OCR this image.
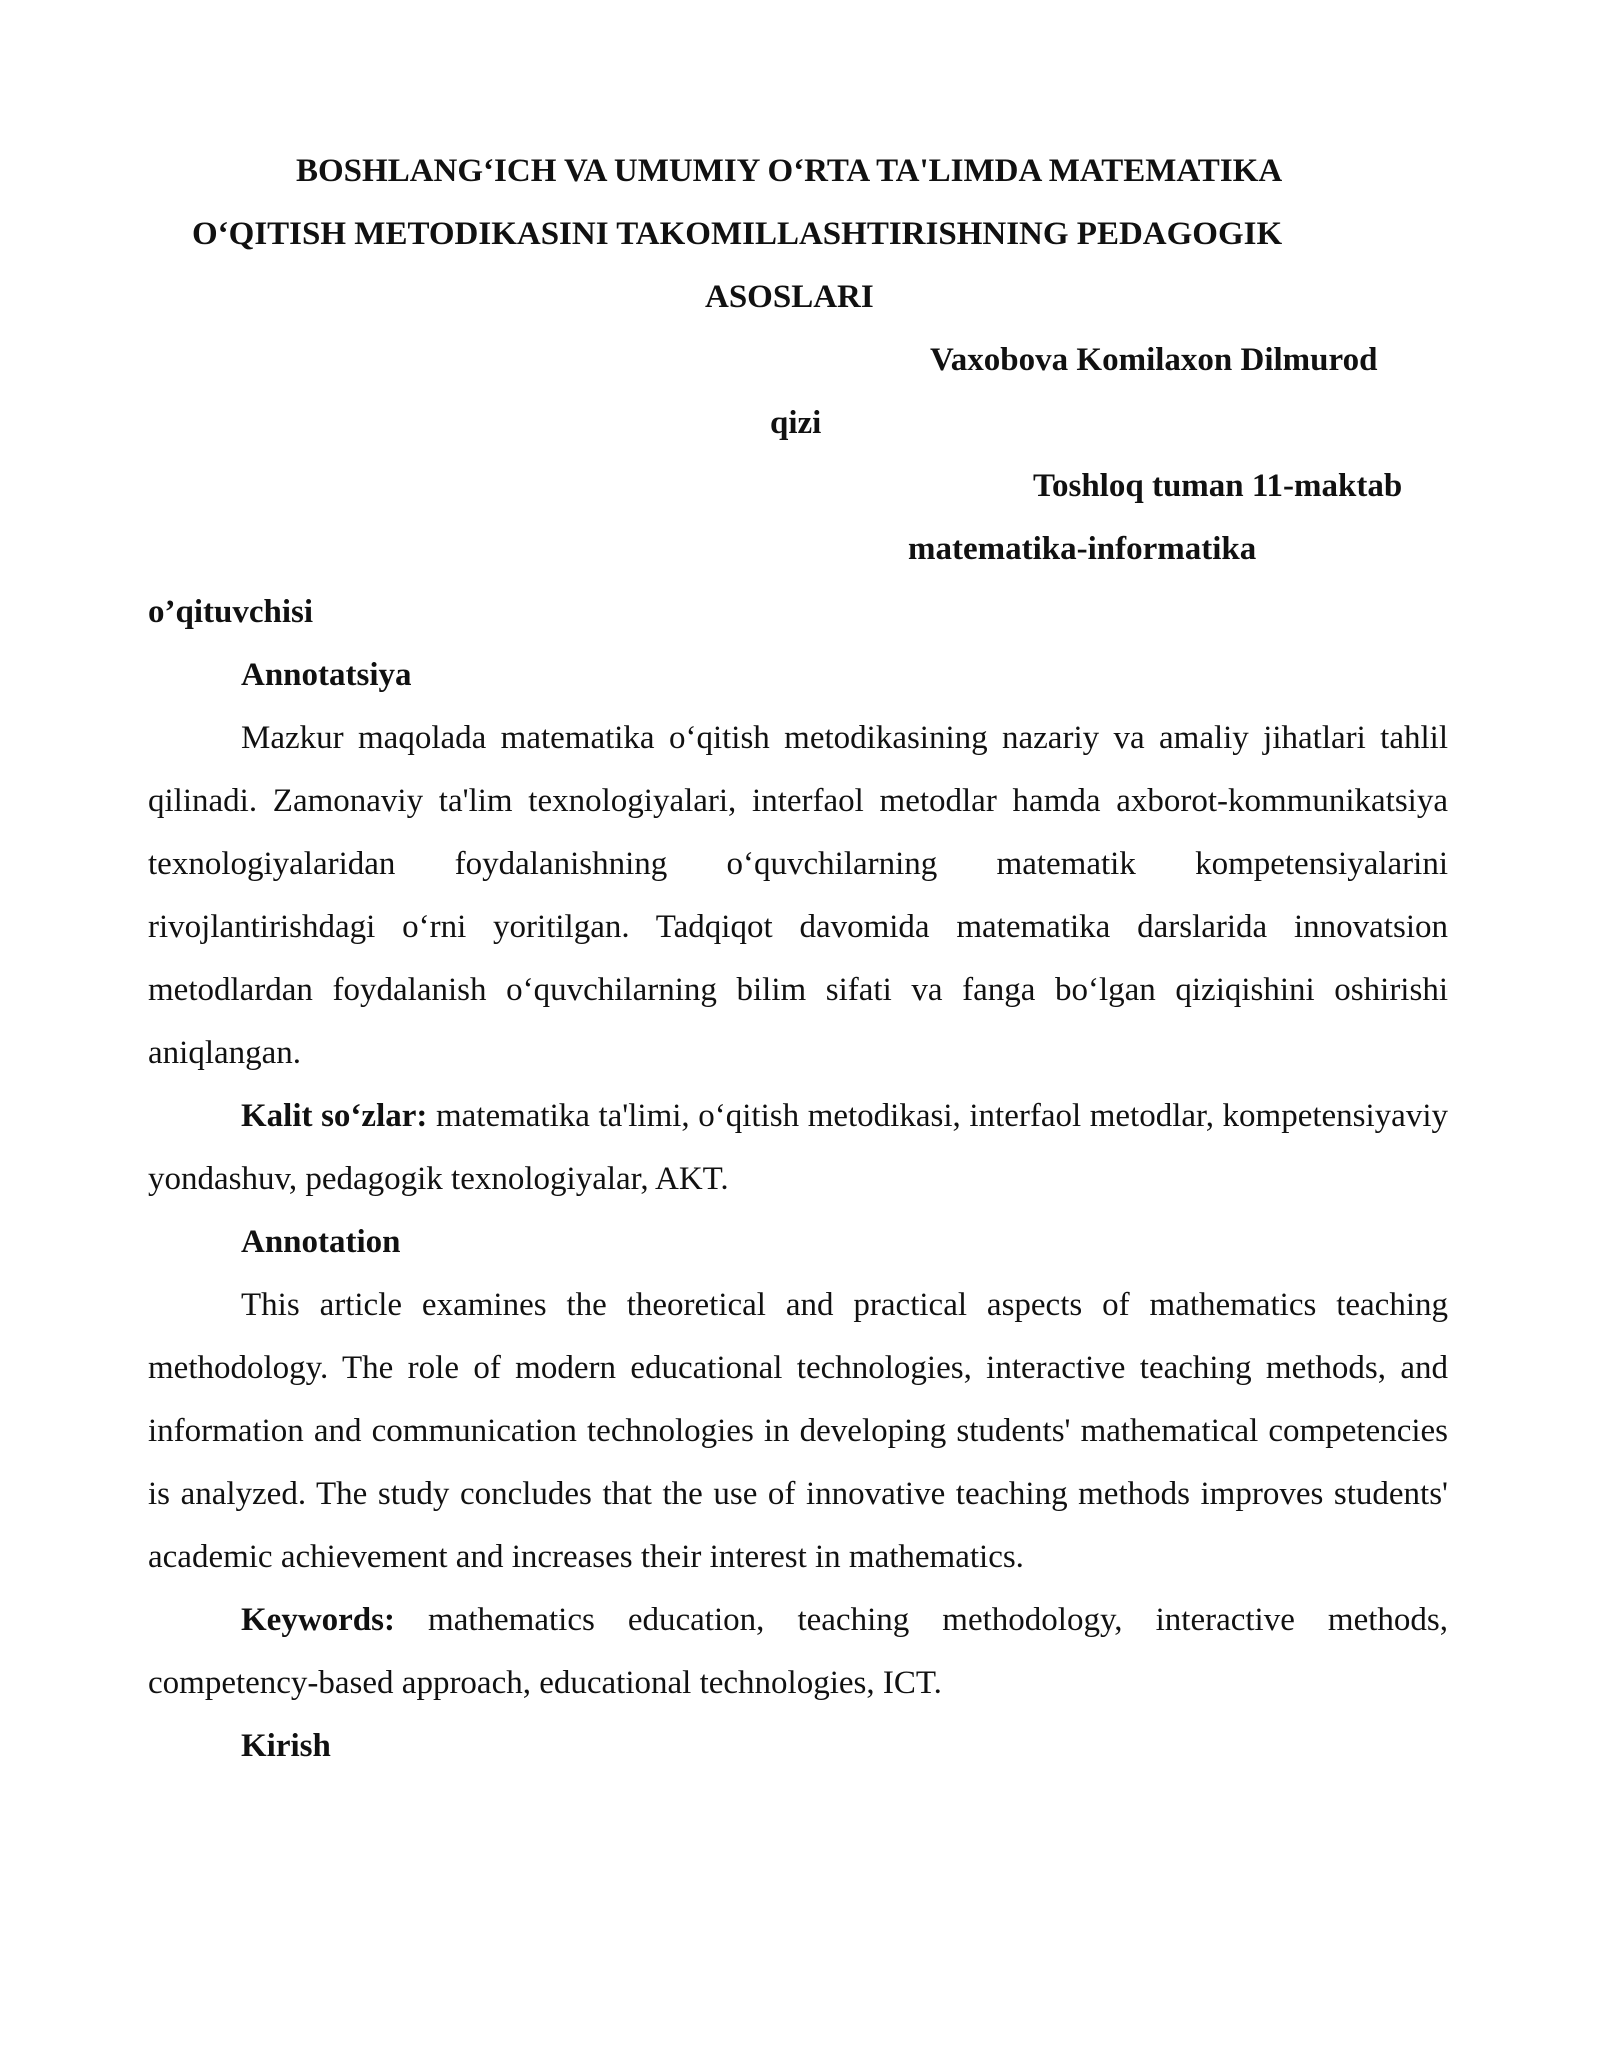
BOSHLANG‘ICH VA UMUMIY O‘RTA TA'LIMDA MATEMATIKA
O‘QITISH METODIKASINI TAKOMILLASHTIRISHNING PEDAGOGIK
ASOSLARI
Vaxobova Komilaxon Dilmurod
qizi
Toshloq tuman 11-maktab
matematika-informatika
o’qituvchisi
Annotatsiya

Mazkur maqolada matematika o‘qitish metodikasining nazariy va amaliy jihatlari tahlil qilinadi. Zamonaviy ta'lim texnologiyalari, interfaol metodlar hamda axborot-kommunikatsiya texnologiyalaridan foydalanishning o‘quvchilarning matematik kompetensiyalarini rivojlantirishdagi o‘rni yoritilgan. Tadqiqot davomida matematika darslarida innovatsion metodlardan foydalanish o‘quvchilarning bilim sifati va fanga bo‘lgan qiziqishini oshirishi aniqlangan.

Kalit so‘zlar: matematika ta'limi, o‘qitish metodikasi, interfaol metodlar, kompetensiyaviy yondashuv, pedagogik texnologiyalar, AKT.

Annotation

This article examines the theoretical and practical aspects of mathematics teaching methodology. The role of modern educational technologies, interactive teaching methods, and information and communication technologies in developing students' mathematical competencies is analyzed. The study concludes that the use of innovative teaching methods improves students' academic achievement and increases their interest in mathematics.

Keywords: mathematics education, teaching methodology, interactive methods, competency-based approach, educational technologies, ICT.

Kirish
